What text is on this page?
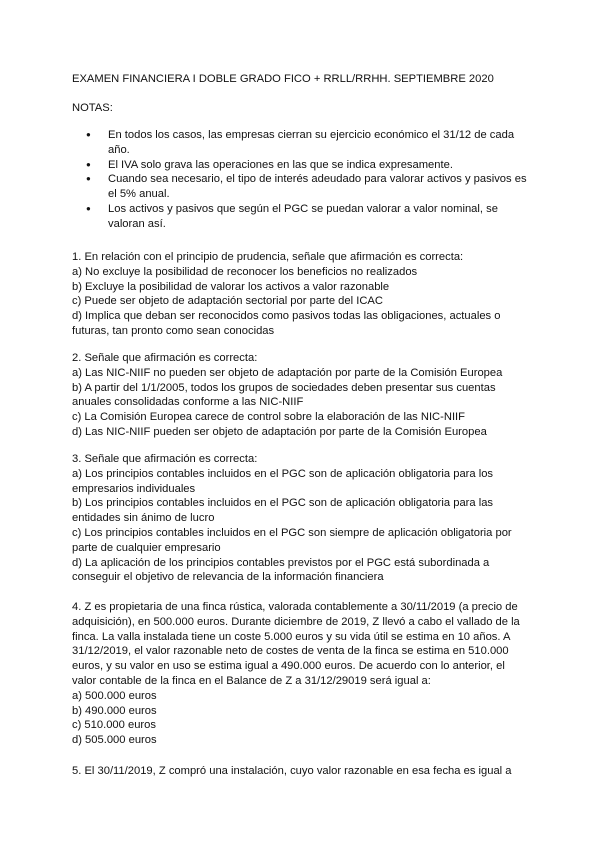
EXAMEN FINANCIERA I DOBLE GRADO FICO + RRLL/RRHH. SEPTIEMBRE 2020
NOTAS:
● En todos los casos, las empresas cierran su ejercicio económico el 31/12 de cada año.
● El IVA solo grava las operaciones en las que se indica expresamente.
● Cuando sea necesario, el tipo de interés adeudado para valorar activos y pasivos es el 5% anual.
● Los activos y pasivos que según el PGC se puedan valorar a valor nominal, se valoran así.
1. En relación con el principio de prudencia, señale que afirmación es correcta:
a) No excluye la posibilidad de reconocer los beneficios no realizados
b) Excluye la posibilidad de valorar los activos a valor razonable
c) Puede ser objeto de adaptación sectorial por parte del ICAC
d) Implica que deban ser reconocidos como pasivos todas las obligaciones, actuales o futuras, tan pronto como sean conocidas
2. Señale que afirmación es correcta:
a) Las NIC-NIIF no pueden ser objeto de adaptación por parte de la Comisión Europea
b) A partir del 1/1/2005, todos los grupos de sociedades deben presentar sus cuentas anuales consolidadas conforme a las NIC-NIIF
c) La Comisión Europea carece de control sobre la elaboración de las NIC-NIIF
d) Las NIC-NIIF pueden ser objeto de adaptación por parte de la Comisión Europea
3. Señale que afirmación es correcta:
a) Los principios contables incluidos en el PGC son de aplicación obligatoria para los empresarios individuales
b) Los principios contables incluidos en el PGC son de aplicación obligatoria para las entidades sin ánimo de lucro
c) Los principios contables incluidos en el PGC son siempre de aplicación obligatoria por parte de cualquier empresario
d) La aplicación de los principios contables previstos por el PGC está subordinada a conseguir el objetivo de relevancia de la información financiera
4. Z es propietaria de una finca rústica, valorada contablemente a 30/11/2019 (a precio de adquisición), en 500.000 euros. Durante diciembre de 2019, Z llevó a cabo el vallado de la finca. La valla instalada tiene un coste 5.000 euros y su vida útil se estima en 10 años. A 31/12/2019, el valor razonable neto de costes de venta de la finca se estima en 510.000 euros, y su valor en uso se estima igual a 490.000 euros. De acuerdo con lo anterior, el valor contable de la finca en el Balance de Z a 31/12/29019 será igual a:
a) 500.000 euros
b) 490.000 euros
c) 510.000 euros
d) 505.000 euros
5. El 30/11/2019, Z compró una instalación, cuyo valor razonable en esa fecha es igual a
